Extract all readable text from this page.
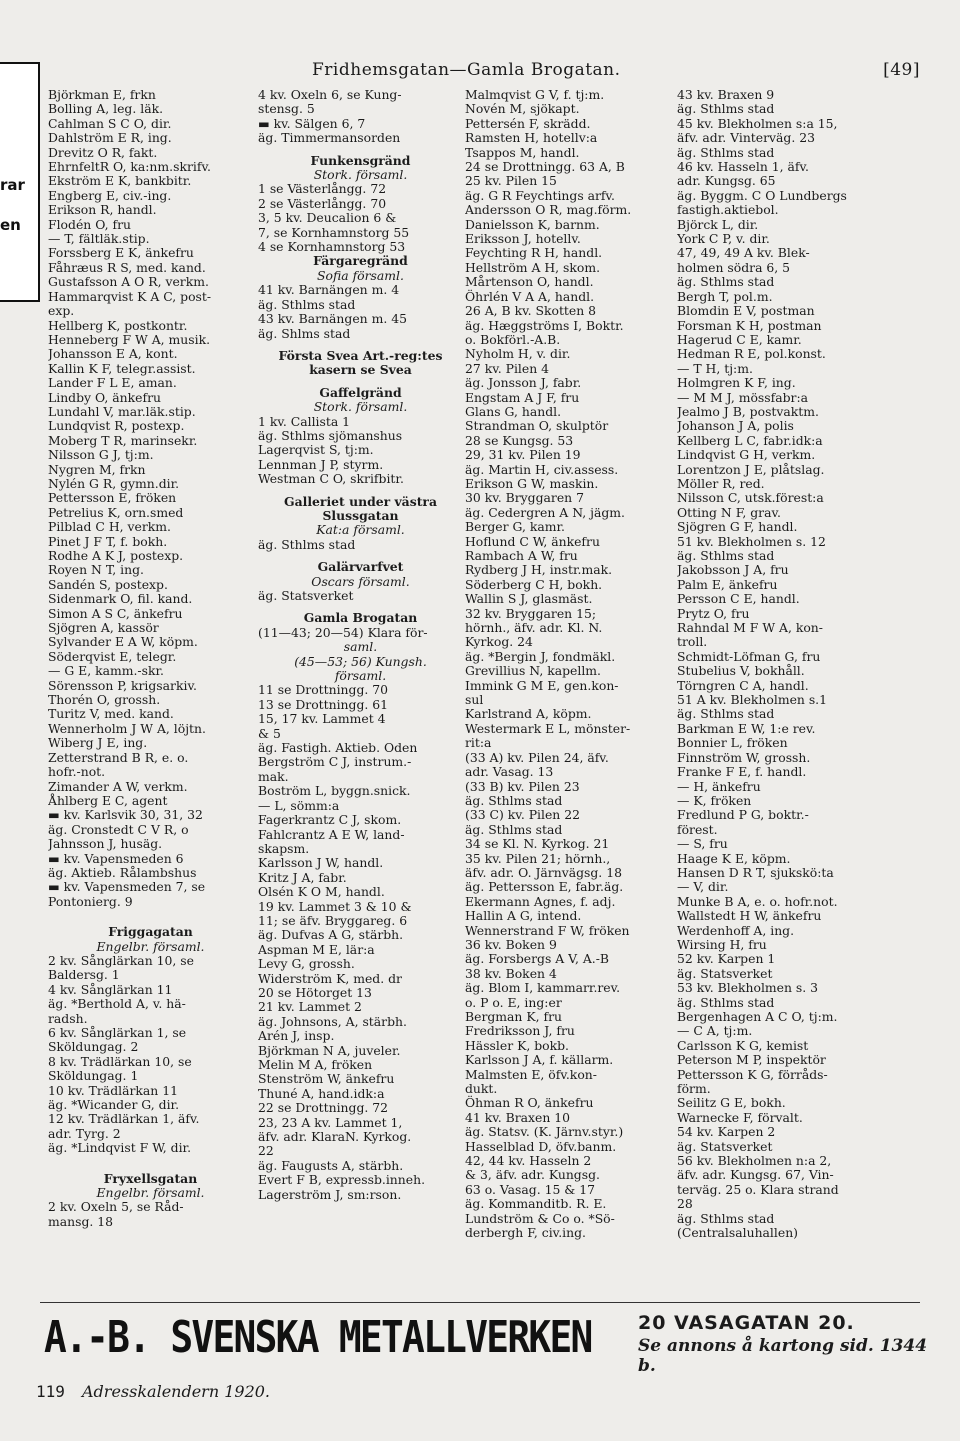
rar
en
Fridhemsgatan—Gamla Brogatan.	[49]
Björkman E, frkn
Bolling A, leg. läk.
Cahlman S C O, dir.
Dahlström E R, ing.
Drevitz O R, fakt.
EhrnfeltR O, ka:nm.skrifv.
Ekström E K, bankbitr.
Engberg E, civ.-ing.
Erikson R, handl.
Flodén O, fru
— T, fältläk.stip.
Forssberg E K, änkefru
Fåhræus R S, med. kand.
Gustafsson A O R, verkm.
Hammarqvist K A C, post-
exp.
Hellberg K, postkontr.
Henneberg F W A, musik.
Johansson E A, kont.
Kallin K F, telegr.assist.
Lander F L E, aman.
Lindby O, änkefru
Lundahl V, mar.läk.stip.
Lundqvist R, postexp.
Moberg T R, marinsekr.
Nilsson G J, tj:m.
Nygren M, frkn
Nylén G R, gymn.dir.
Pettersson E, fröken
Petrelius K, orn.smed
Pilblad C H, verkm.
Pinet J F T, f. bokh.
Rodhe A K J, postexp.
Royen N T, ing.
Sandén S, postexp.
Sidenmark O, fil. kand.
Simon A S C, änkefru
Sjögren A, kassör
Sylvander E A W, köpm.
Söderqvist E, telegr.
— G E, kamm.-skr.
Sörensson P, krigsarkiv.
Thorén O, grossh.
Turitz V, med. kand.
Wennerholm J W A, löjtn.
Wiberg J E, ing.
Zetterstrand B R, e. o.
hofr.-not.
Zimander A W, verkm.
Åhlberg E C, agent
▬ kv. Karlsvik 30, 31, 32
äg. Cronstedt C V R, o
Jahnsson J, husäg.
▬ kv. Vapensmeden 6
äg. Aktieb. Rålambshus
▬ kv. Vapensmeden 7, se
Pontonierg. 9
Friggagatan
Engelbr. församl.
2 kv. Sånglärkan 10, se
Baldersg. 1
4 kv. Sånglärkan 11
äg. *Berthold A, v. hä-
radsh.
6 kv. Sånglärkan 1, se
Sköldungag. 2
8 kv. Trädlärkan 10, se
Sköldungag. 1
10 kv. Trädlärkan 11
äg. *Wicander G, dir.
12 kv. Trädlärkan 1, äfv.
adr. Tyrg. 2
äg. *Lindqvist F W, dir.
Fryxellsgatan
Engelbr. församl.
2 kv. Oxeln 5, se Råd-
mansg. 18
4 kv. Oxeln 6, se Kung-
stensg. 5
▬ kv. Sälgen 6, 7
äg. Timmermansorden
Funkensgränd
Stork. församl.
1 se Västerlångg. 72
2 se Västerlångg. 70
3, 5 kv. Deucalion 6 &
7, se Kornhamnstorg 55
4 se Kornhamnstorg 53
Färgaregränd
Sofia församl.
41 kv. Barnängen m. 4
äg. Sthlms stad
43 kv. Barnängen m. 45
äg. Shlms stad
Första Svea Art.-reg:tes
kasern se Svea
Gaffelgränd
Stork. församl.
1 kv. Callista 1
äg. Sthlms sjömanshus
Lagerqvist S, tj:m.
Lennman J P, styrm.
Westman C O, skrifbitr.
Galleriet under västra
Slussgatan
Kat:a församl.
äg. Sthlms stad
Galärvarfvet
Oscars församl.
äg. Statsverket
Gamla Brogatan
(11—43; 20—54) Klara för-
saml.
(45—53; 56) Kungsh.
församl.
11 se Drottningg. 70
13 se Drottningg. 61
15, 17 kv. Lammet 4
& 5
äg. Fastigh. Aktieb. Oden
Bergström C J, instrum.-
mak.
Boström L, byggn.snick.
— L, sömm:a
Fagerkrantz C J, skom.
Fahlcrantz A E W, land-
skapsm.
Karlsson J W, handl.
Kritz J A, fabr.
Olsén K O M, handl.
19 kv. Lammet 3 & 10 &
11; se äfv. Bryggareg. 6
äg. Dufvas A G, stärbh.
Aspman M E, lär:a
Levy G, grossh.
Widerström K, med. dr
20 se Hötorget 13
21 kv. Lammet 2
äg. Johnsons, A, stärbh.
Arén J, insp.
Björkman N A, juveler.
Melin M A, fröken
Stenström W, änkefru
Thuné A, hand.idk:a
22 se Drottningg. 72
23, 23 A kv. Lammet 1,
äfv. adr. KlaraN. Kyrkog.
22
äg. Faugusts A, stärbh.
Evert F B, expressb.inneh.
Lagerström J, sm:rson.
Malmqvist G V, f. tj:m.
Novén M, sjökapt.
Pettersén F, skrädd.
Ramsten H, hotellv:a
Tsappos M, handl.
24 se Drottningg. 63 A, B
25 kv. Pilen 15
äg. G R Feychtings arfv.
Andersson O R, mag.förm.
Danielsson K, barnm.
Eriksson J, hotellv.
Feychting R H, handl.
Hellström A H, skom.
Mårtenson O, handl.
Öhrlén V A A, handl.
26 A, B kv. Skotten 8
äg. Hæggströms I, Boktr.
o. Bokförl.-A.B.
Nyholm H, v. dir.
27 kv. Pilen 4
äg. Jonsson J, fabr.
Engstam A J F, fru
Glans G, handl.
Strandman O, skulptör
28 se Kungsg. 53
29, 31 kv. Pilen 19
äg. Martin H, civ.assess.
Erikson G W, maskin.
30 kv. Bryggaren 7
äg. Cedergren A N, jägm.
Berger G, kamr.
Hoflund C W, änkefru
Rambach A W, fru
Rydberg J H, instr.mak.
Söderberg C H, bokh.
Wallin S J, glasmäst.
32 kv. Bryggaren 15;
hörnh., äfv. adr. Kl. N.
Kyrkog. 24
äg. *Bergin J, fondmäkl.
Grevillius N, kapellm.
Immink G M E, gen.kon-
sul
Karlstrand A, köpm.
Westermark E L, mönster-
rit:a
(33 A) kv. Pilen 24, äfv.
adr. Vasag. 13
(33 B) kv. Pilen 23
äg. Sthlms stad
(33 C) kv. Pilen 22
äg. Sthlms stad
34 se Kl. N. Kyrkog. 21
35 kv. Pilen 21; hörnh.,
äfv. adr. O. Järnvägsg. 18
äg. Pettersson E, fabr.äg.
Ekermann Agnes, f. adj.
Hallin A G, intend.
Wennerstrand F W, fröken
36 kv. Boken 9
äg. Forsbergs A V, A.-B
38 kv. Boken 4
äg. Blom I, kammarr.rev.
o. P o. E, ing:er
Bergman K, fru
Fredriksson J, fru
Hässler K, bokb.
Karlsson J A, f. källarm.
Malmsten E, öfv.kon-
dukt.
Öhman R O, änkefru
41 kv. Braxen 10
äg. Statsv. (K. Järnv.styr.)
Hasselblad D, öfv.banm.
42, 44 kv. Hasseln 2
& 3, äfv. adr. Kungsg.
63 o. Vasag. 15 & 17
äg. Kommanditb. R. E.
Lundström & Co o. *Sö-
derbergh F, civ.ing.
43 kv. Braxen 9
äg. Sthlms stad
45 kv. Blekholmen s:a 15,
äfv. adr. Vinterväg. 23
äg. Sthlms stad
46 kv. Hasseln 1, äfv.
adr. Kungsg. 65
äg. Byggm. C O Lundbergs
fastigh.aktiebol.
Björck L, dir.
York C P, v. dir.
47, 49, 49 A kv. Blek-
holmen södra 6, 5
äg. Sthlms stad
Bergh T, pol.m.
Blomdin E V, postman
Forsman K H, postman
Hagerud C E, kamr.
Hedman R E, pol.konst.
— T H, tj:m.
Holmgren K F, ing.
— M M J, mössfabr:a
Jealmo J B, postvaktm.
Johanson J A, polis
Kellberg L C, fabr.idk:a
Lindqvist G H, verkm.
Lorentzon J E, plåtslag.
Möller R, red.
Nilsson C, utsk.förest:a
Otting N F, grav.
Sjögren G F, handl.
51 kv. Blekholmen s. 12
äg. Sthlms stad
Jakobsson J A, fru
Palm E, änkefru
Persson C E, handl.
Prytz O, fru
Rahndal M F W A, kon-
troll.
Schmidt-Löfman G, fru
Stubelius V, bokhåll.
Törngren C A, handl.
51 A kv. Blekholmen s.1
äg. Sthlms stad
Barkman E W, 1:e rev.
Bonnier L, fröken
Finnström W, grossh.
Franke F E, f. handl.
— H, änkefru
— K, fröken
Fredlund P G, boktr.-
förest.
— S, fru
Haage K E, köpm.
Hansen D R T, sjukskö:ta
— V, dir.
Munke B A, e. o. hofr.not.
Wallstedt H W, änkefru
Werdenhoff A, ing.
Wirsing H, fru
52 kv. Karpen 1
äg. Statsverket
53 kv. Blekholmen s. 3
äg. Sthlms stad
Bergenhagen A C O, tj:m.
— C A, tj:m.
Carlsson K G, kemist
Peterson M P, inspektör
Pettersson K G, förråds-
förm.
Seilitz G E, bokh.
Warnecke F, förvalt.
54 kv. Karpen 2
äg. Statsverket
56 kv. Blekholmen n:a 2,
äfv. adr. Kungsg. 67, Vin-
terväg. 25 o. Klara strand
28
äg. Sthlms stad
(Centralsaluhallen)
A.-B. SVENSKA METALLVERKEN 20 VASAGATAN 20.
Se annons å kartong sid. 1344 b.
119 Adresskalendern 1920.
